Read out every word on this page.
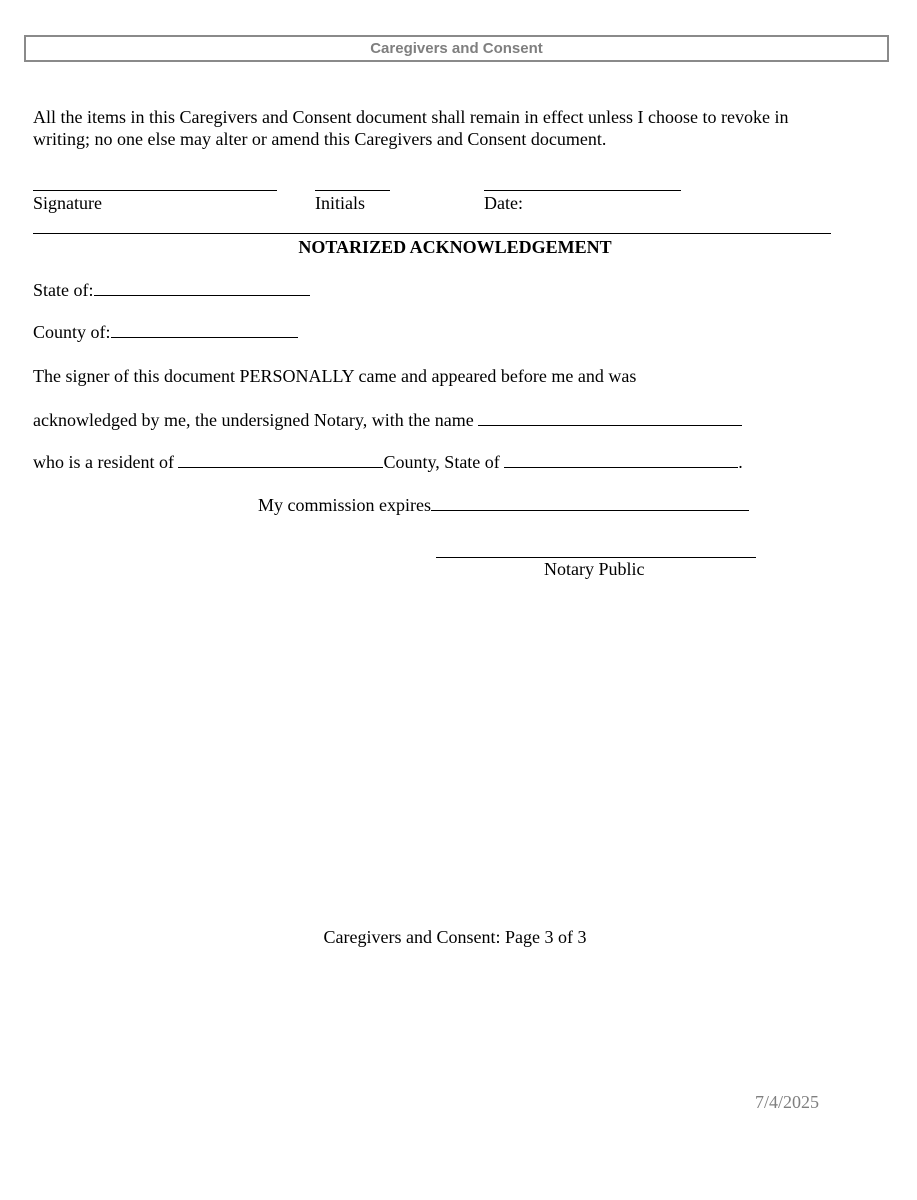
Caregivers and Consent
All the items in this Caregivers and Consent document shall remain in effect unless I choose to revoke in
writing; no one else may alter or amend this Caregivers and Consent document.
Signature	Initials	Date:
NOTARIZED ACKNOWLEDGEMENT
State of:
County of:
The signer of this document PERSONALLY came and appeared before me and was
acknowledged by me, the undersigned Notary, with the name
who is a resident of	County, State of	.
My commission expires
Notary Public
Caregivers and Consent: Page 3 of 3
7/4/2025
